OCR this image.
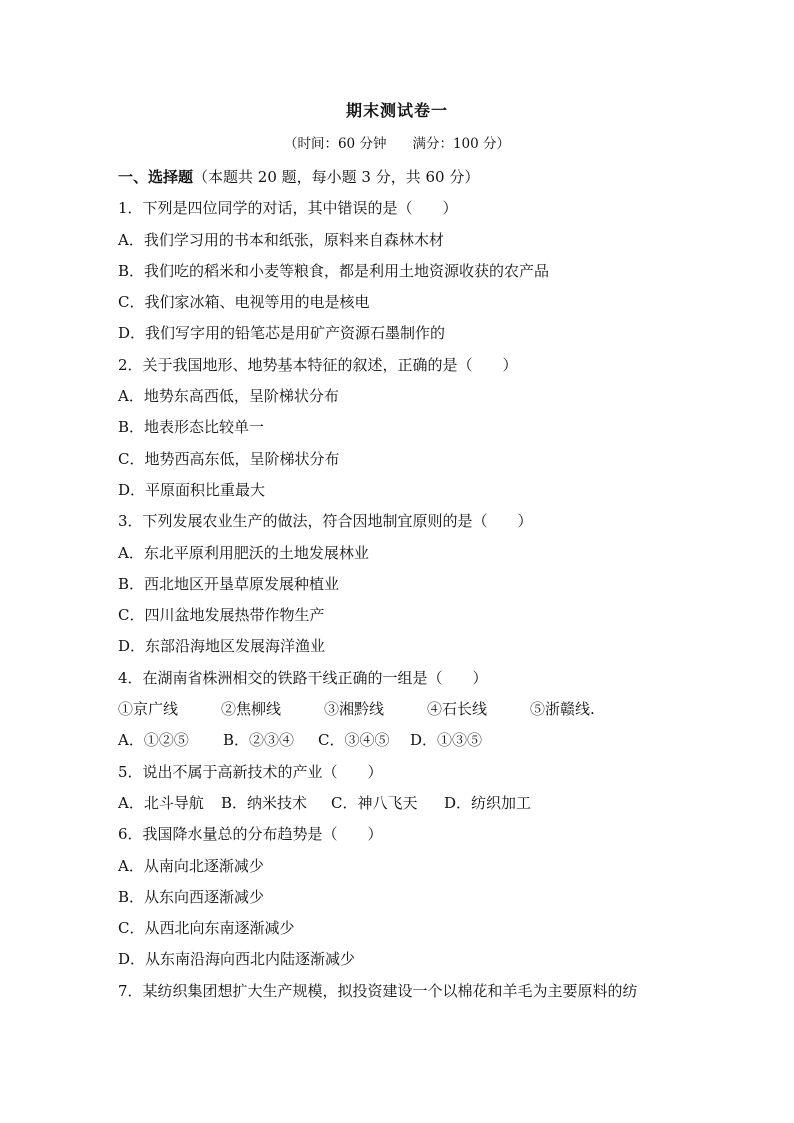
期末测试卷一
（时间：60 分钟 满分：100 分）
一、选择题（本题共 20 题，每小题 3 分，共 60 分）
1．下列是四位同学的对话，其中错误的是（　　）
A．我们学习用的书本和纸张，原料来自森林木材
B．我们吃的稻米和小麦等粮食，都是利用土地资源收获的农产品
C．我们家冰箱、电视等用的电是核电
D．我们写字用的铅笔芯是用矿产资源石墨制作的
2．关于我国地形、地势基本特征的叙述，正确的是（　　）
A．地势东高西低，呈阶梯状分布
B．地表形态比较单一
C．地势西高东低，呈阶梯状分布
D．平原面积比重最大
3．下列发展农业生产的做法，符合因地制宜原则的是（　　）
A．东北平原利用肥沃的土地发展林业
B．西北地区开垦草原发展种植业
C．四川盆地发展热带作物生产
D．东部沿海地区发展海洋渔业
4．在湖南省株洲相交的铁路干线正确的一组是（　　）
①京广线	②焦柳线	③湘黔线	④石长线	⑤浙赣线.
A．①②⑤ B．②③④ C．③④⑤ D．①③⑤
5．说出不属于高新技术的产业（　　）
A．北斗导航 B．纳米技术 C．神八飞天 D．纺织加工
6．我国降水量总的分布趋势是（　　）
A．从南向北逐渐减少
B．从东向西逐渐减少
C．从西北向东南逐渐减少
D．从东南沿海向西北内陆逐渐减少
7．某纺织集团想扩大生产规模，拟投资建设一个以棉花和羊毛为主要原料的纺
